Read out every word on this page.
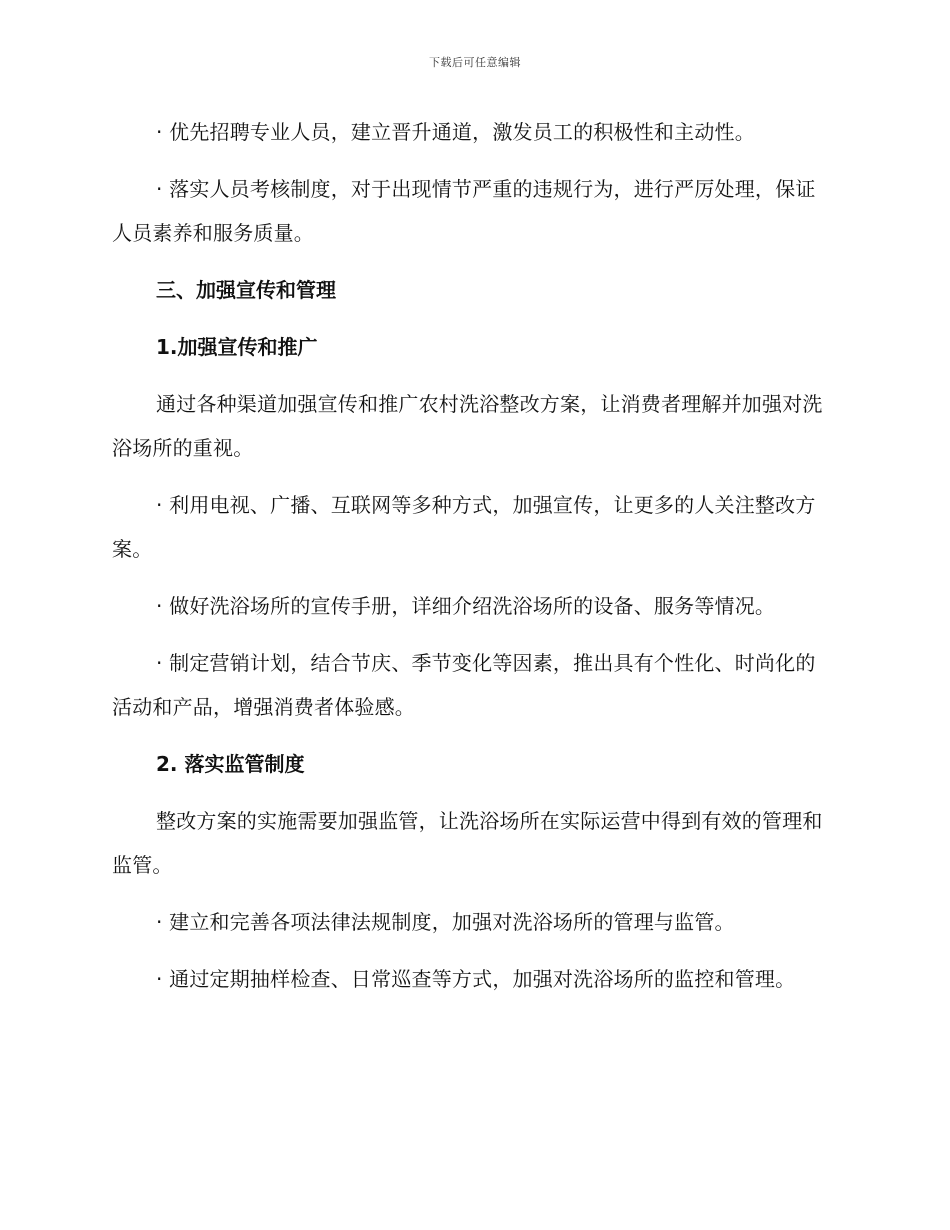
下载后可任意编辑

· 优先招聘专业人员，建立晋升通道，激发员工的积极性和主动性。

· 落实人员考核制度，对于出现情节严重的违规行为，进行严厉处理，保证人员素养和服务质量。

三、加强宣传和管理
1.加强宣传和推广

通过各种渠道加强宣传和推广农村洗浴整改方案，让消费者理解并加强对洗浴场所的重视。

· 利用电视、广播、互联网等多种方式，加强宣传，让更多的人关注整改方案。

· 做好洗浴场所的宣传手册，详细介绍洗浴场所的设备、服务等情况。

· 制定营销计划，结合节庆、季节变化等因素，推出具有个性化、时尚化的活动和产品，增强消费者体验感。

2. 落实监管制度

整改方案的实施需要加强监管，让洗浴场所在实际运营中得到有效的管理和监管。

· 建立和完善各项法律法规制度，加强对洗浴场所的管理与监管。

· 通过定期抽样检查、日常巡查等方式，加强对洗浴场所的监控和管理。
